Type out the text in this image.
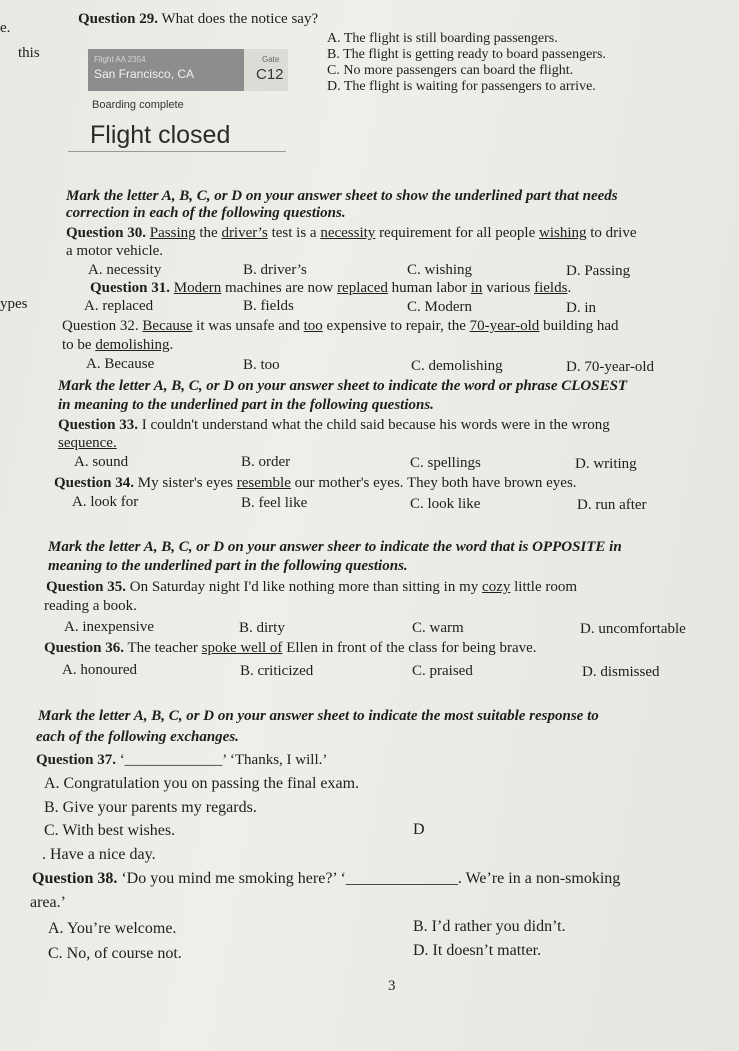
e.
this
ypes
Question 29. What does the notice say?
A. The flight is still boarding passengers.
B. The flight is getting ready to board passengers.
C. No more passengers can board the flight.
D. The flight is waiting for passengers to arrive.
Flight AA 2354
San Francisco, CA
Gate
C12
Boarding complete
Flight closed
Mark the letter A, B, C, or D on your answer sheet to show the underlined part that needs
correction in each of the following questions.
Question 30. Passing the driver’s test is a necessity requirement for all people wishing to drive
a motor vehicle.
A. necessity	B. driver’s	C. wishing	D. Passing
Question 31. Modern machines are now replaced human labor in various fields.
A. replaced	B. fields	C. Modern	D. in
Question 32. Because it was unsafe and too expensive to repair, the 70-year-old building had
to be demolishing.
A. Because	B. too	C. demolishing	D. 70-year-old
Mark the letter A, B, C, or D on your answer sheet to indicate the word or phrase CLOSEST
in meaning to the underlined part in the following questions.
Question 33. I couldn't understand what the child said because his words were in the wrong
sequence.
A. sound	B. order	C. spellings	D. writing
Question 34. My sister's eyes resemble our mother's eyes. They both have brown eyes.
A. look for	B. feel like	C. look like	D. run after
Mark the letter A, B, C, or D on your answer sheer to indicate the word that is OPPOSITE in
meaning to the underlined part in the following questions.
Question 35. On Saturday night I'd like nothing more than sitting in my cozy little room
reading a book.
A. inexpensive	B. dirty	C. warm	D. uncomfortable
Question 36. The teacher spoke well of Ellen in front of the class for being brave.
A. honoured	B. criticized	C. praised	D. dismissed
Mark the letter A, B, C, or D on your answer sheet to indicate the most suitable response to
each of the following exchanges.
Question 37. ‘_____________’ ‘Thanks, I will.’
A. Congratulation you on passing the final exam.
B. Give your parents my regards.
C. With best wishes.	D
. Have a nice day.
Question 38. ‘Do you mind me smoking here?’ ‘______________. We’re in a non-smoking
area.’
A. You’re welcome.	B. I’d rather you didn’t.
C. No, of course not.	D. It doesn’t matter.
3
